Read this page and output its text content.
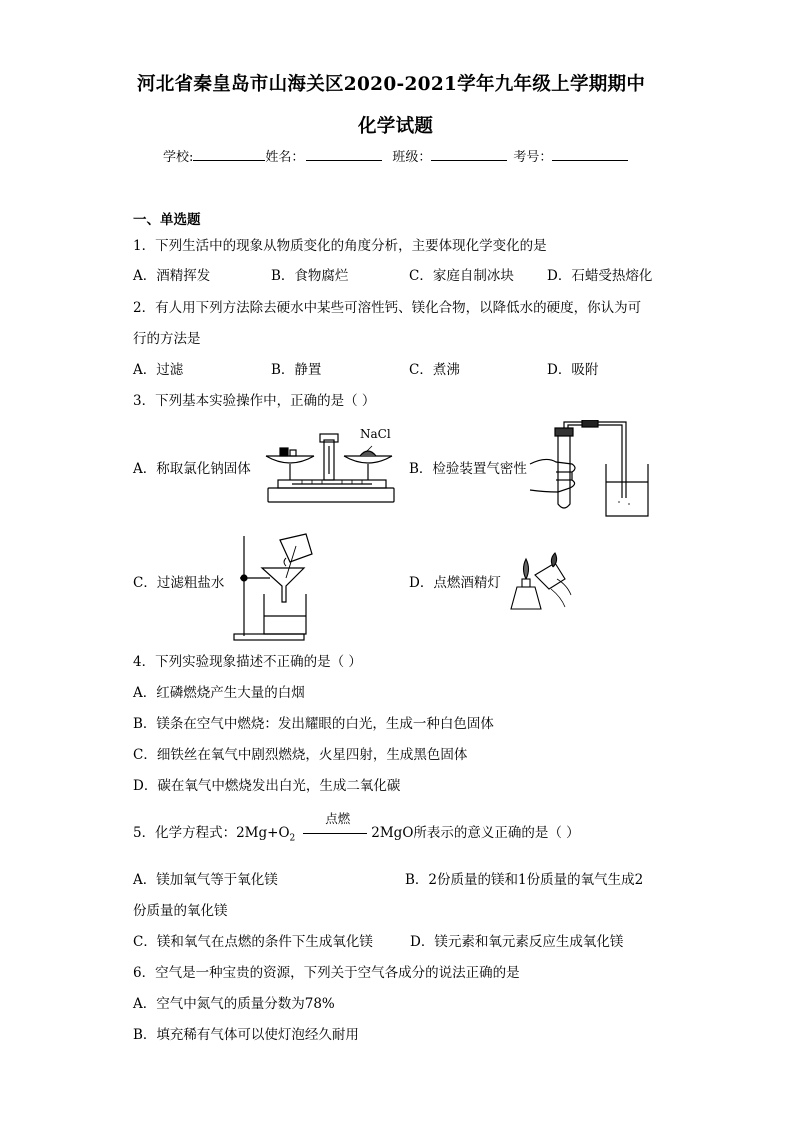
河北省秦皇岛市山海关区2020-2021学年九年级上学期期中
化学试题
学校:	姓名：	班级：	考号：
一、单选题
1．下列生活中的现象从物质变化的角度分析，主要体现化学变化的是
A．酒精挥发	B．食物腐烂	C．家庭自制冰块 D．石蜡受热熔化
2．有人用下列方法除去硬水中某些可溶性钙、镁化合物，以降低水的硬度，你认为可
行的方法是
A．过滤	B．静置	C．煮沸	D．吸附
3．下列基本实验操作中，正确的是（ ）
A．称取氯化钠固体
NaCl
B．检验装置气密性
C．过滤粗盐水	D．点燃酒精灯
4．下列实验现象描述不正确的是（ ）
A．红磷燃烧产生大量的白烟
B．镁条在空气中燃烧：发出耀眼的白光，生成一种白色固体
C．细铁丝在氧气中剧烈燃烧，火星四射，生成黑色固体
D．碳在氧气中燃烧发出白光，生成二氧化碳
5．化学方程式：$2Mg+O_2$
点燃
2MgO所表示的意义正确的是（ ）
A．镁加氧气等于氧化镁	B．2份质量的镁和1份质量的氧气生成2
份质量的氧化镁
C．镁和氧气在点燃的条件下生成氧化镁	D．镁元素和氧元素反应生成氧化镁
6．空气是一种宝贵的资源，下列关于空气各成分的说法正确的是
A．空气中氮气的质量分数为78%
B．填充稀有气体可以使灯泡经久耐用
